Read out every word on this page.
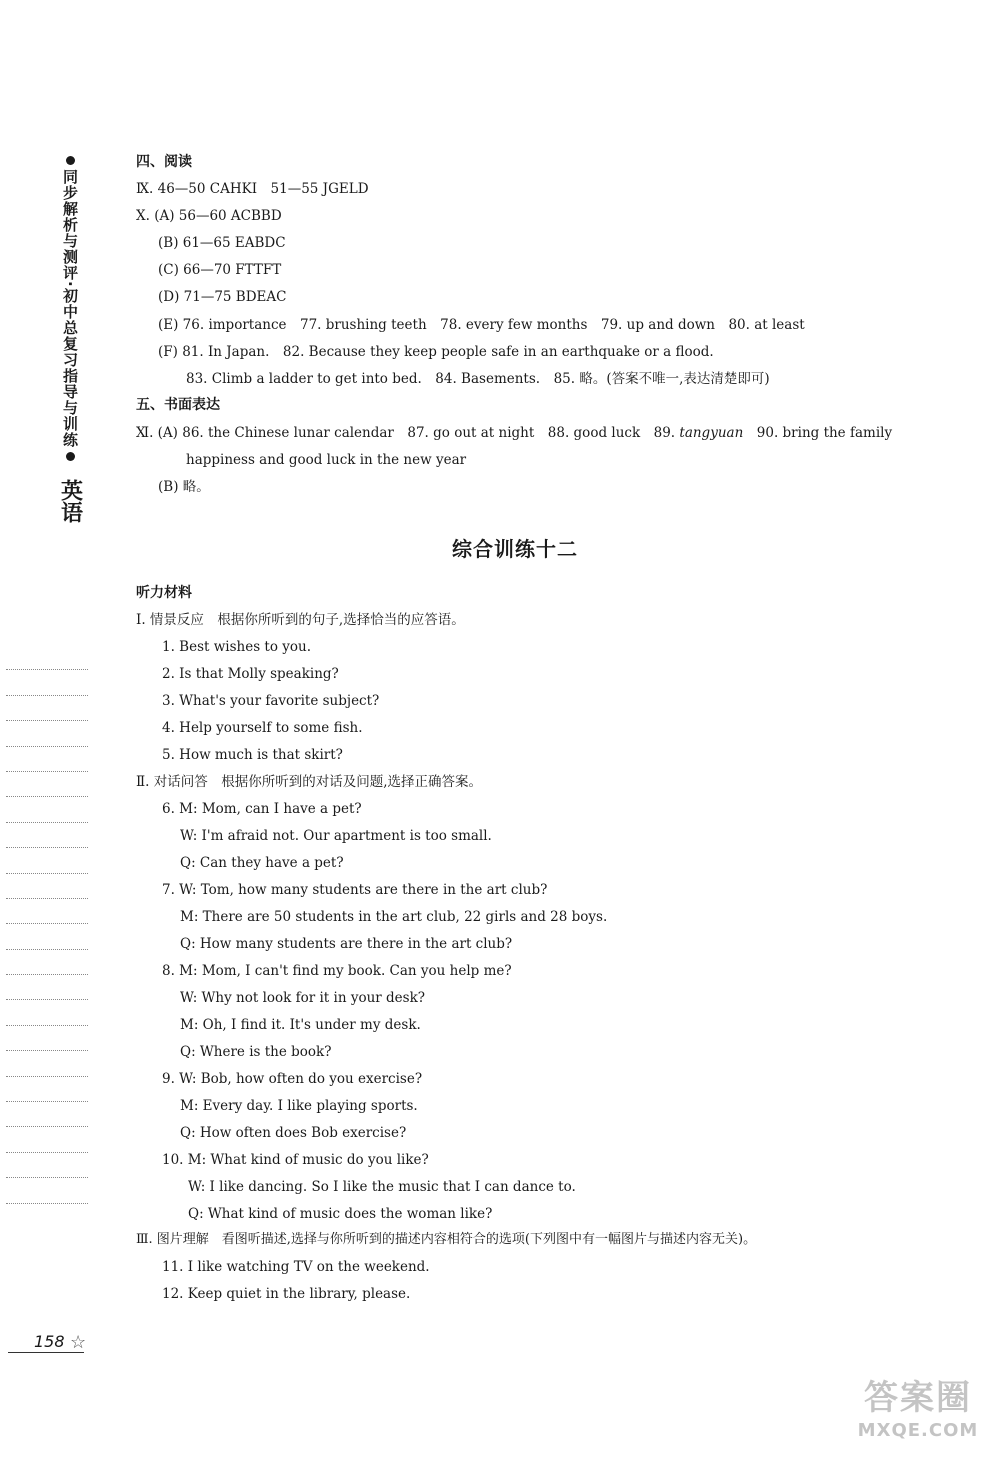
同步解析与测评·初中总复习指导与训练
英语
四、阅读
Ⅸ. 46—50 CAHKI　51—55 JGELD
Ⅹ. (A) 56—60 ACBBD
(B) 61—65 EABDC
(C) 66—70 FTTFT
(D) 71—75 BDEAC
(E) 76. importance　77. brushing teeth　78. every few months　79. up and down　80. at least
(F) 81. In Japan.　82. Because they keep people safe in an earthquake or a flood.
83. Climb a ladder to get into bed.　84. Basements.　85. 略。(答案不唯一,表达清楚即可)
五、书面表达
Ⅺ. (A) 86. the Chinese lunar calendar　87. go out at night　88. good luck　89. tangyuan　90. bring the family
happiness and good luck in the new year
(B) 略。
综合训练十二
听力材料
Ⅰ. 情景反应　根据你所听到的句子,选择恰当的应答语。
1. Best wishes to you.
2. Is that Molly speaking?
3. What's your favorite subject?
4. Help yourself to some fish.
5. How much is that skirt?
Ⅱ. 对话问答　根据你所听到的对话及问题,选择正确答案。
6. M: Mom, can I have a pet?
W: I'm afraid not. Our apartment is too small.
Q: Can they have a pet?
7. W: Tom, how many students are there in the art club?
M: There are 50 students in the art club, 22 girls and 28 boys.
Q: How many students are there in the art club?
8. M: Mom, I can't find my book. Can you help me?
W: Why not look for it in your desk?
M: Oh, I find it. It's under my desk.
Q: Where is the book?
9. W: Bob, how often do you exercise?
M: Every day. I like playing sports.
Q: How often does Bob exercise?
10. M: What kind of music do you like?
W: I like dancing. So I like the music that I can dance to.
Q: What kind of music does the woman like?
Ⅲ. 图片理解　看图听描述,选择与你所听到的描述内容相符合的选项(下列图中有一幅图片与描述内容无关)。
11. I like watching TV on the weekend.
12. Keep quiet in the library, please.
158 ☆
答案圈
MXQE.COM
